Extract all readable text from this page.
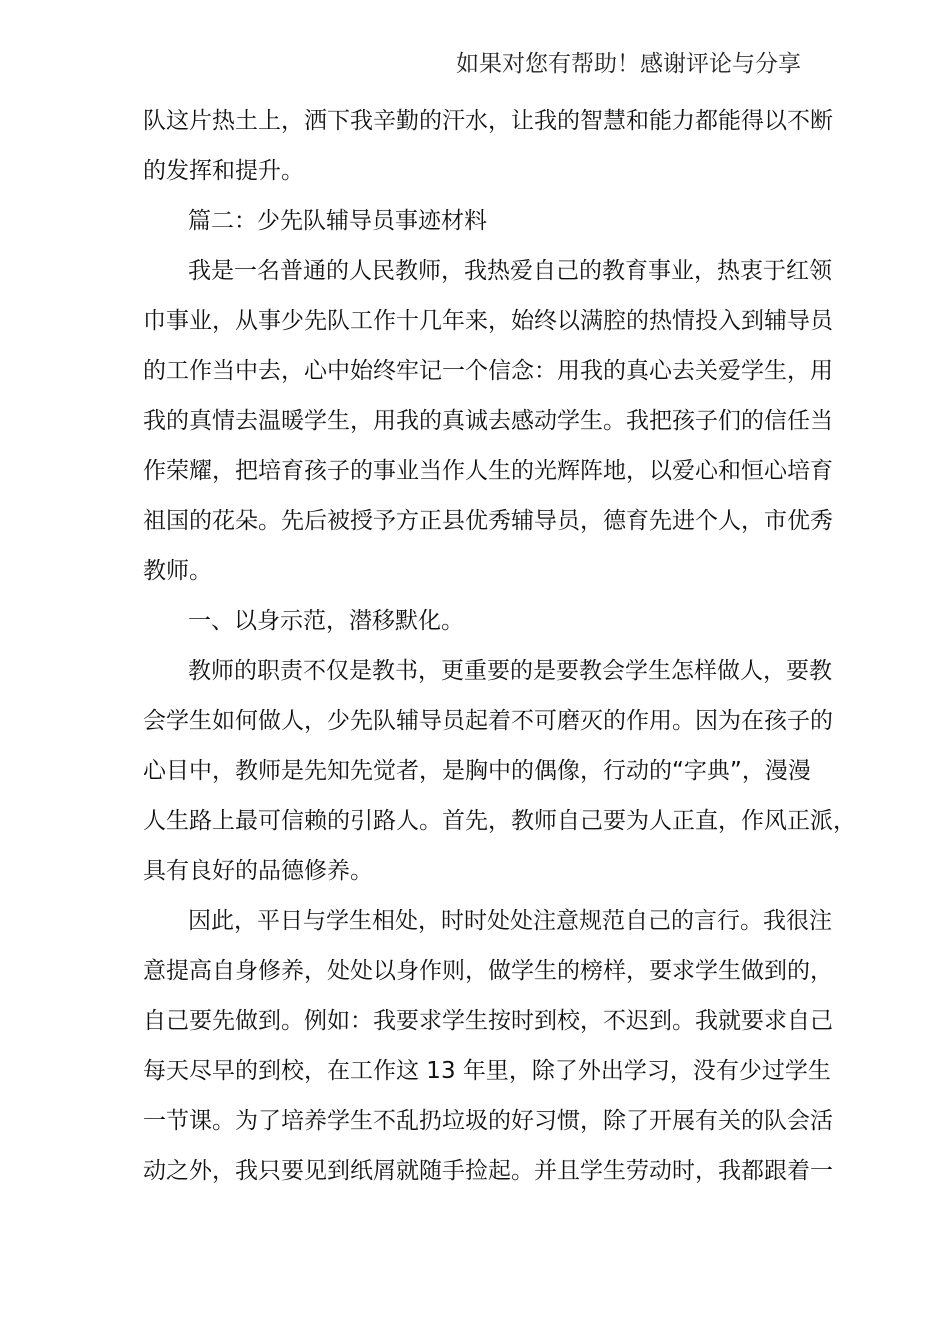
如果对您有帮助！感谢评论与分享
队这片热土上，洒下我辛勤的汗水，让我的智慧和能力都能得以不断
的发挥和提升。
篇二：少先队辅导员事迹材料
我是一名普通的人民教师，我热爱自己的教育事业，热衷于红领
巾事业，从事少先队工作十几年来，始终以满腔的热情投入到辅导员
的工作当中去，心中始终牢记一个信念：用我的真心去关爱学生，用
我的真情去温暖学生，用我的真诚去感动学生。我把孩子们的信任当
作荣耀，把培育孩子的事业当作人生的光辉阵地，以爱心和恒心培育
祖国的花朵。先后被授予方正县优秀辅导员，德育先进个人，市优秀
教师。
一、以身示范，潜移默化。
教师的职责不仅是教书，更重要的是要教会学生怎样做人，要教
会学生如何做人，少先队辅导员起着不可磨灭的作用。因为在孩子的
心目中，教师是先知先觉者，是胸中的偶像，行动的“字典”，漫漫
人生路上最可信赖的引路人。首先，教师自己要为人正直，作风正派，
具有良好的品德修养。
因此，平日与学生相处，时时处处注意规范自己的言行。我很注
意提高自身修养，处处以身作则，做学生的榜样，要求学生做到的，
自己要先做到。例如：我要求学生按时到校，不迟到。我就要求自己
每天尽早的到校，在工作这 13 年里，除了外出学习，没有少过学生
一节课。为了培养学生不乱扔垃圾的好习惯，除了开展有关的队会活
动之外，我只要见到纸屑就随手捡起。并且学生劳动时，我都跟着一
